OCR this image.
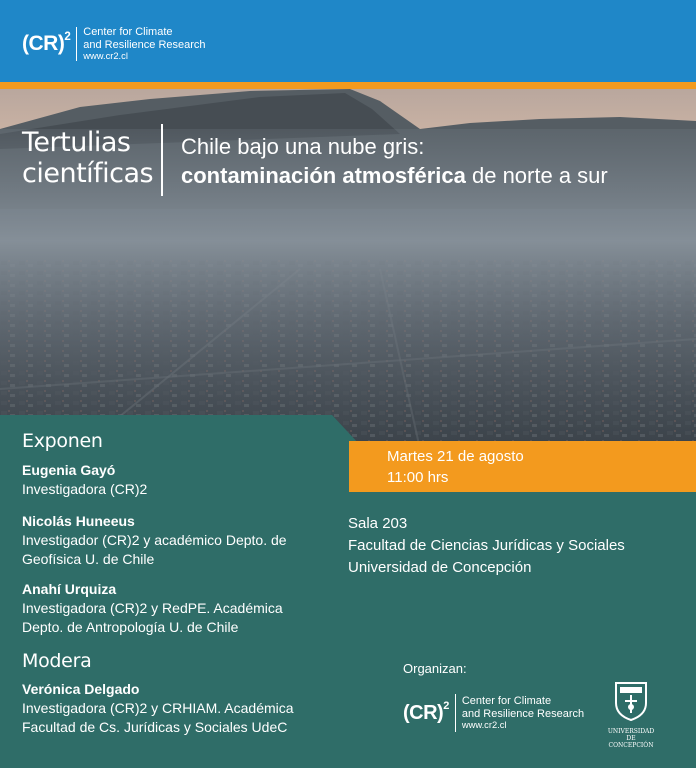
(CR)$^2$ Center for Climate
and Resilience Research
www.cr2.cl
Tertulias
científicas
Chile bajo una nube gris:
contaminación atmosférica de norte a sur
Exponen
Eugenia Gayó
Investigadora (CR)2
Nicolás Huneeus
Investigador (CR)2 y académico Depto. de
Geofísica U. de Chile
Anahí Urquiza
Investigadora (CR)2 y RedPE. Académica
Depto. de Antropología U. de Chile
Modera
Verónica Delgado
Investigadora (CR)2 y CRHIAM. Académica
Facultad de Cs. Jurídicas y Sociales UdeC
Martes 21 de agosto
11:00 hrs
Sala 203
Facultad de Ciencias Jurídicas y Sociales
Universidad de Concepción
Organizan:
(CR)$^2$ Center for Climate
and Resilience Research
www.cr2.cl
UNIVERSIDAD
DE CONCEPCIÓN
